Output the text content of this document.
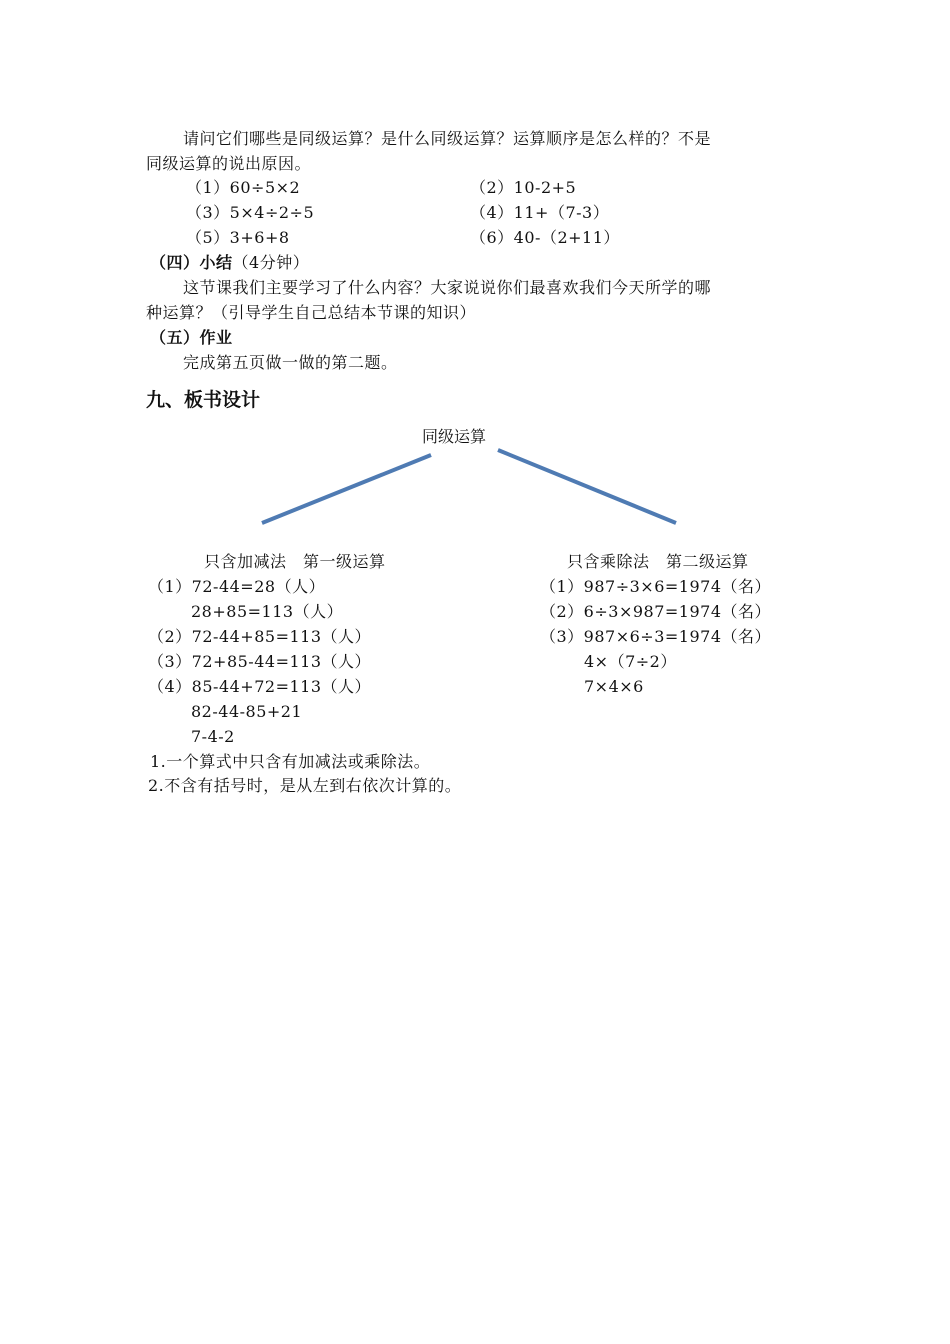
请问它们哪些是同级运算？是什么同级运算？运算顺序是怎么样的？不是
同级运算的说出原因。
（1）60÷5×2	（2）10-2+5
（3）5×4÷2÷5	（4）11+（7-3）
（5）3+6+8	（6）40-（2+11）
（四）小结（4分钟）
这节课我们主要学习了什么内容？大家说说你们最喜欢我们今天所学的哪
种运算？（引导学生自己总结本节课的知识）
（五）作业
完成第五页做一做的第二题。
九、板书设计
同级运算
只含加减法　第一级运算
（1）72-44=28（人）
28+85=113（人）
（2）72-44+85=113（人）
（3）72+85-44=113（人）
（4）85-44+72=113（人）
82-44-85+21
7-4-2
只含乘除法　第二级运算
（1）987÷3×6=1974（名）
（2）6÷3×987=1974（名）
（3）987×6÷3=1974（名）
4×（7÷2）
7×4×6
1.一个算式中只含有加减法或乘除法。
2.不含有括号时，是从左到右依次计算的。
